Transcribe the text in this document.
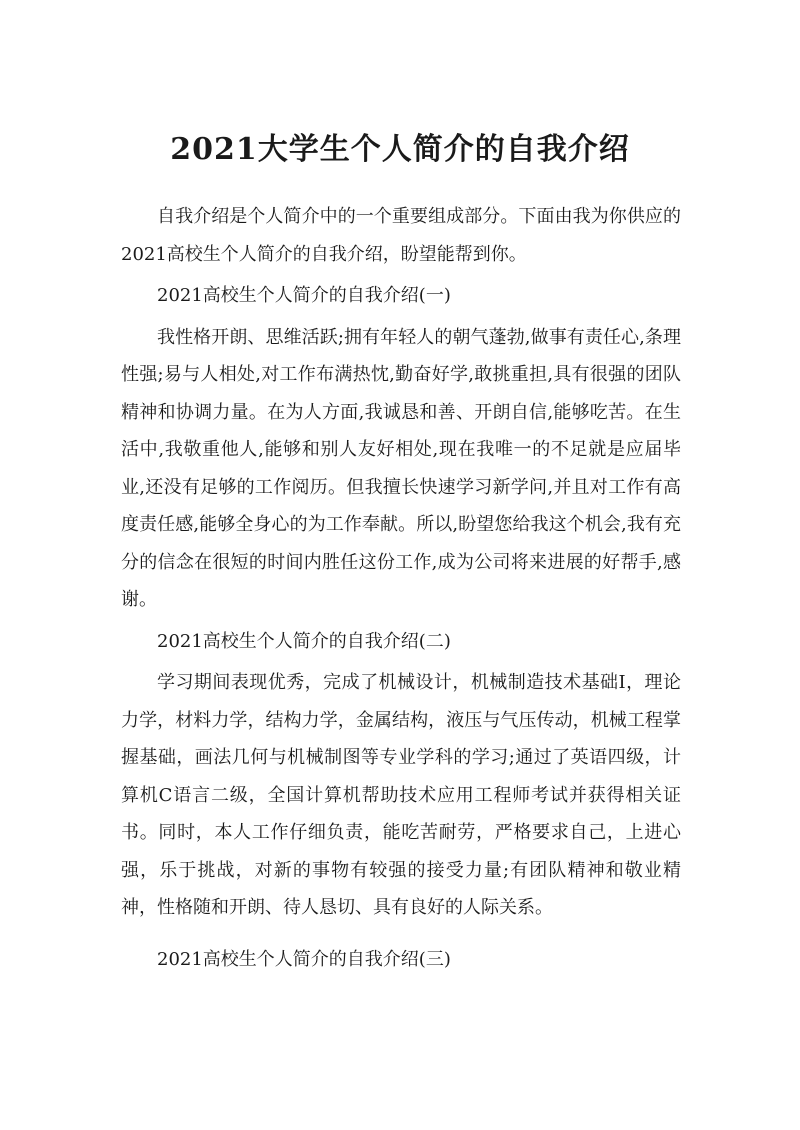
2021大学生个人简介的自我介绍

自我介绍是个人简介中的一个重要组成部分。下面由我为你供应的2021高校生个人简介的自我介绍，盼望能帮到你。

2021高校生个人简介的自我介绍(一)

我性格开朗、思维活跃;拥有年轻人的朝气蓬勃,做事有责任心,条理性强;易与人相处,对工作布满热忱,勤奋好学,敢挑重担,具有很强的团队精神和协调力量。在为人方面,我诚恳和善、开朗自信,能够吃苦。在生活中,我敬重他人,能够和别人友好相处,现在我唯一的不足就是应届毕业,还没有足够的工作阅历。但我擅长快速学习新学问,并且对工作有高度责任感,能够全身心的为工作奉献。所以,盼望您给我这个机会,我有充分的信念在很短的时间内胜任这份工作,成为公司将来进展的好帮手,感谢。

2021高校生个人简介的自我介绍(二)

学习期间表现优秀，完成了机械设计，机械制造技术基础Ⅰ，理论力学，材料力学，结构力学，金属结构，液压与气压传动，机械工程掌握基础，画法几何与机械制图等专业学科的学习;通过了英语四级，计算机C语言二级，全国计算机帮助技术应用工程师考试并获得相关证书。同时，本人工作仔细负责，能吃苦耐劳，严格要求自己，上进心强，乐于挑战，对新的事物有较强的接受力量;有团队精神和敬业精神，性格随和开朗、待人恳切、具有良好的人际关系。

2021高校生个人简介的自我介绍(三)
